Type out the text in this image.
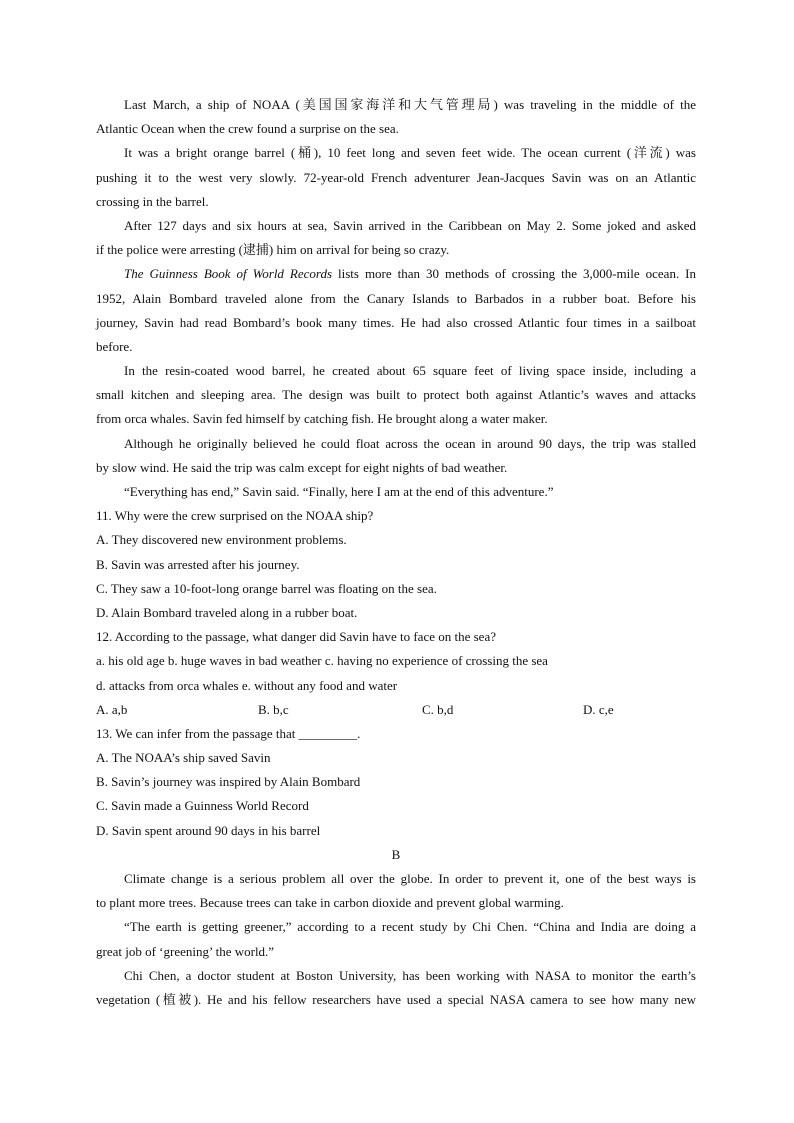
Last March, a ship of NOAA (美国国家海洋和大气管理局) was traveling in the middle of the
Atlantic Ocean when the crew found a surprise on the sea.
It was a bright orange barrel (桶), 10 feet long and seven feet wide. The ocean current (洋流) was
pushing it to the west very slowly. 72-year-old French adventurer Jean-Jacques Savin was on an Atlantic
crossing in the barrel.
After 127 days and six hours at sea, Savin arrived in the Caribbean on May 2. Some joked and asked
if the police were arresting (逮捕) him on arrival for being so crazy.
The Guinness Book of World Records lists more than 30 methods of crossing the 3,000-mile ocean. In
1952, Alain Bombard traveled alone from the Canary Islands to Barbados in a rubber boat. Before his
journey, Savin had read Bombard’s book many times. He had also crossed Atlantic four times in a sailboat
before.
In the resin-coated wood barrel, he created about 65 square feet of living space inside, including a
small kitchen and sleeping area. The design was built to protect both against Atlantic’s waves and attacks
from orca whales. Savin fed himself by catching fish. He brought along a water maker.
Although he originally believed he could float across the ocean in around 90 days, the trip was stalled
by slow wind. He said the trip was calm except for eight nights of bad weather.
“Everything has end,” Savin said. “Finally, here I am at the end of this adventure.”
11. Why were the crew surprised on the NOAA ship?
A. They discovered new environment problems.
B. Savin was arrested after his journey.
C. They saw a 10-foot-long orange barrel was floating on the sea.
D. Alain Bombard traveled along in a rubber boat.
12. According to the passage, what danger did Savin have to face on the sea?
a. his old age b. huge waves in bad weather c. having no experience of crossing the sea
d. attacks from orca whales e. without any food and water
A. a,b	B. b,c	C. b,d	D. c,e
13. We can infer from the passage that _________.
A. The NOAA’s ship saved Savin
B. Savin’s journey was inspired by Alain Bombard
C. Savin made a Guinness World Record
D. Savin spent around 90 days in his barrel
B
Climate change is a serious problem all over the globe. In order to prevent it, one of the best ways is
to plant more trees. Because trees can take in carbon dioxide and prevent global warming.
“The earth is getting greener,” according to a recent study by Chi Chen. “China and India are doing a
great job of ‘greening’ the world.”
Chi Chen, a doctor student at Boston University, has been working with NASA to monitor the earth’s
vegetation (植被). He and his fellow researchers have used a special NASA camera to see how many new
